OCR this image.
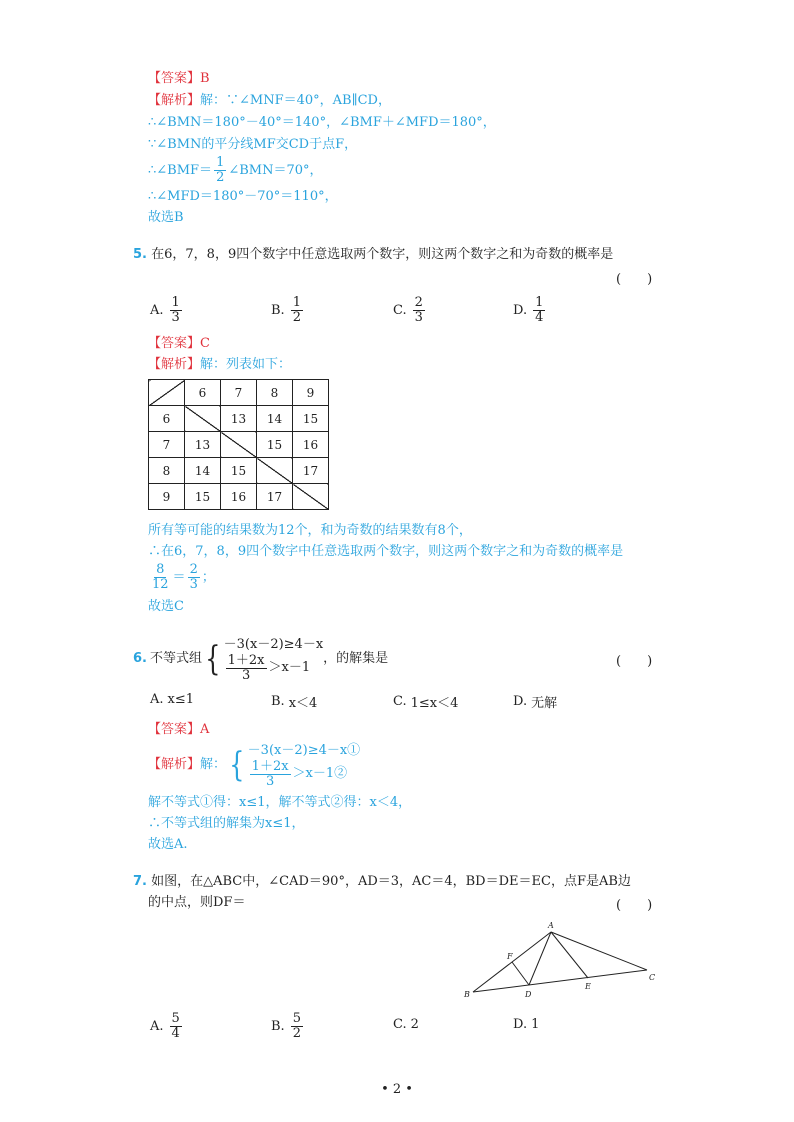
【答案】B
【解析】解：∵∠MNF＝40°，AB∥CD，
∴∠BMN＝180°－40°＝140°，∠BMF＋∠MFD＝180°，
∵∠BMN的平分线MF交CD于点F，
∴∠BMF＝ $\frac{1}{2}$ ∠BMN＝70°，
∴∠MFD＝180°－70°＝110°，
故选B
5. 在6，7，8，9四个数字中任意选取两个数字，则这两个数字之和为奇数的概率是
(　　)
A. $\frac{1}{3}$	B. $\frac{1}{2}$	C. $\frac{2}{3}$	D. $\frac{1}{4}$
【答案】C
【解析】解：列表如下：
	6	7	8	9
6		13	14	15
7	13		15	16
8	14	15		17
9	15	16	17	
所有等可能的结果数为12个，和为奇数的结果数有8个，
∴在6，7，8，9四个数字中任意选取两个数字，则这两个数字之和为奇数的概率是
$\frac{8}{12} = \frac{2}{3}$ ；
故选C
6. 不等式组 { －3(x－2)≥4－x
$\frac{1+2x}{3} >x-1$
，的解集是	(　　)
A. x≤1	B. x＜4	C. 1≤x＜4	D. 无解
【答案】A
【解析】 解： { －3(x－2)≥4－x①
$\frac{1+2x}{3}$ ＞x－1②
解不等式①得：x≤1，解不等式②得：x＜4，
∴不等式组的解集为x≤1，
故选A.
7. 如图，在△ABC中，∠CAD＝90°，AD＝3，AC＝4，BD＝DE＝EC，点F是AB边
的中点，则DF＝	(　　)
A
B
C
D
E
F
A. $\frac{5}{4}$	B. $\frac{5}{2}$	C. 2	D. 1
• 2 •
